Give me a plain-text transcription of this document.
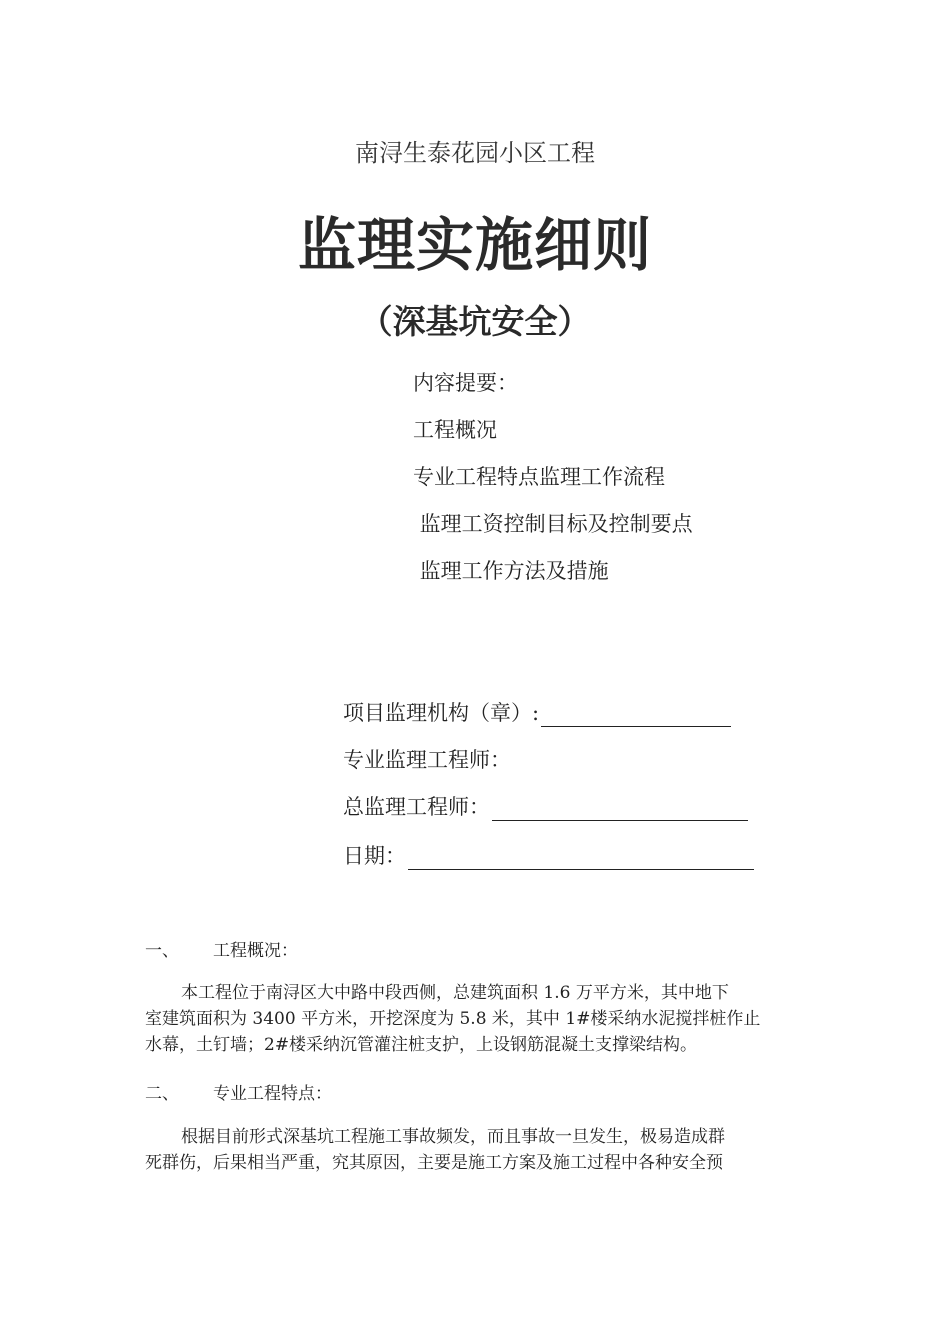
南浔生泰花园小区工程
监理实施细则
（深基坑安全）
内容提要：
工程概况
专业工程特点监理工作流程
监理工资控制目标及控制要点
监理工作方法及措施
项目监理机构（章）:
专业监理工程师：
总监理工程师：
日期：
一、 工程概况：
本工程位于南浔区大中路中段西侧，总建筑面积 1.6 万平方米，其中地下
室建筑面积为 3400 平方米，开挖深度为 5.8 米，其中 1#楼采纳水泥搅拌桩作止
水幕，土钉墙；2#楼采纳沉管灌注桩支护，上设钢筋混凝土支撑梁结构。
二、 专业工程特点：
根据目前形式深基坑工程施工事故频发，而且事故一旦发生，极易造成群
死群伤，后果相当严重，究其原因，主要是施工方案及施工过程中各种安全预
